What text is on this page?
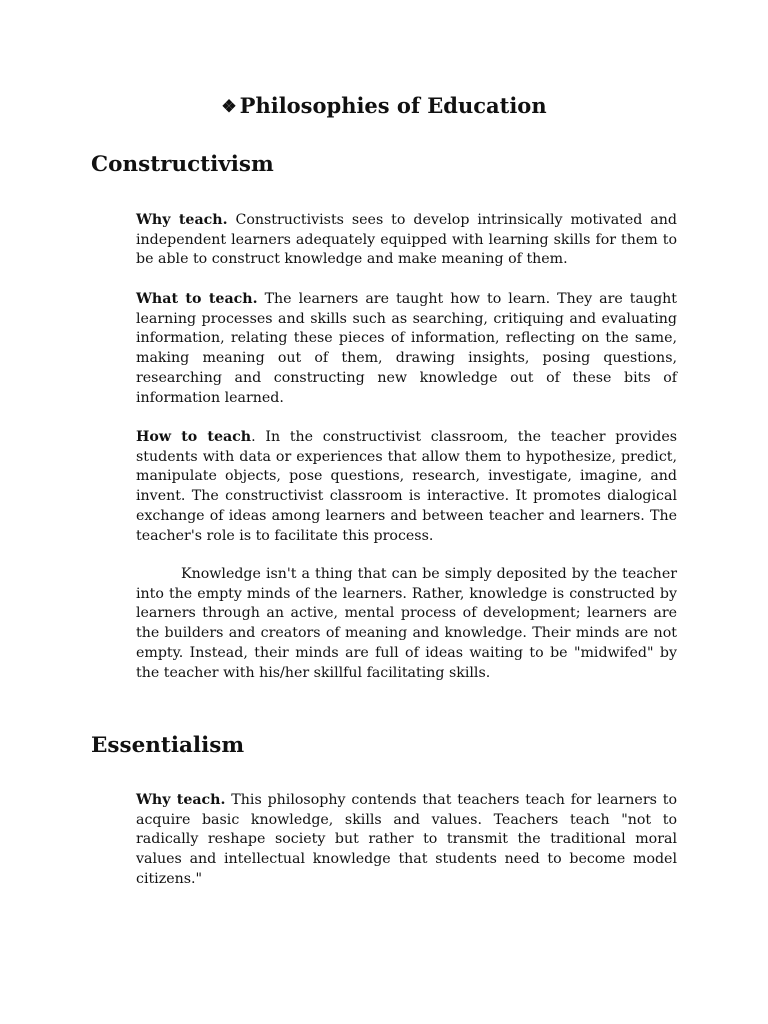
❖ Philosophies of Education
Constructivism

Why teach. Constructivists sees to develop intrinsically motivated and independent learners adequately equipped with learning skills for them to be able to construct knowledge and make meaning of them.

What to teach. The learners are taught how to learn. They are taught learning processes and skills such as searching, critiquing and evaluating information, relating these pieces of information, reflecting on the same, making meaning out of them, drawing insights, posing questions, researching and constructing new knowledge out of these bits of information learned.

How to teach. In the constructivist classroom, the teacher provides students with data or experiences that allow them to hypothesize, predict, manipulate objects, pose questions, research, investigate, imagine, and invent. The constructivist classroom is interactive. It promotes dialogical exchange of ideas among learners and between teacher and learners. The teacher's role is to facilitate this process.

Knowledge isn't a thing that can be simply deposited by the teacher into the empty minds of the learners. Rather, knowledge is constructed by learners through an active, mental process of development; learners are the builders and creators of meaning and knowledge. Their minds are not empty. Instead, their minds are full of ideas waiting to be "midwifed" by the teacher with his/her skillful facilitating skills.

Essentialism

Why teach. This philosophy contends that teachers teach for learners to acquire basic knowledge, skills and values. Teachers teach "not to radically reshape society but rather to transmit the traditional moral values and intellectual knowledge that students need to become model citizens."
